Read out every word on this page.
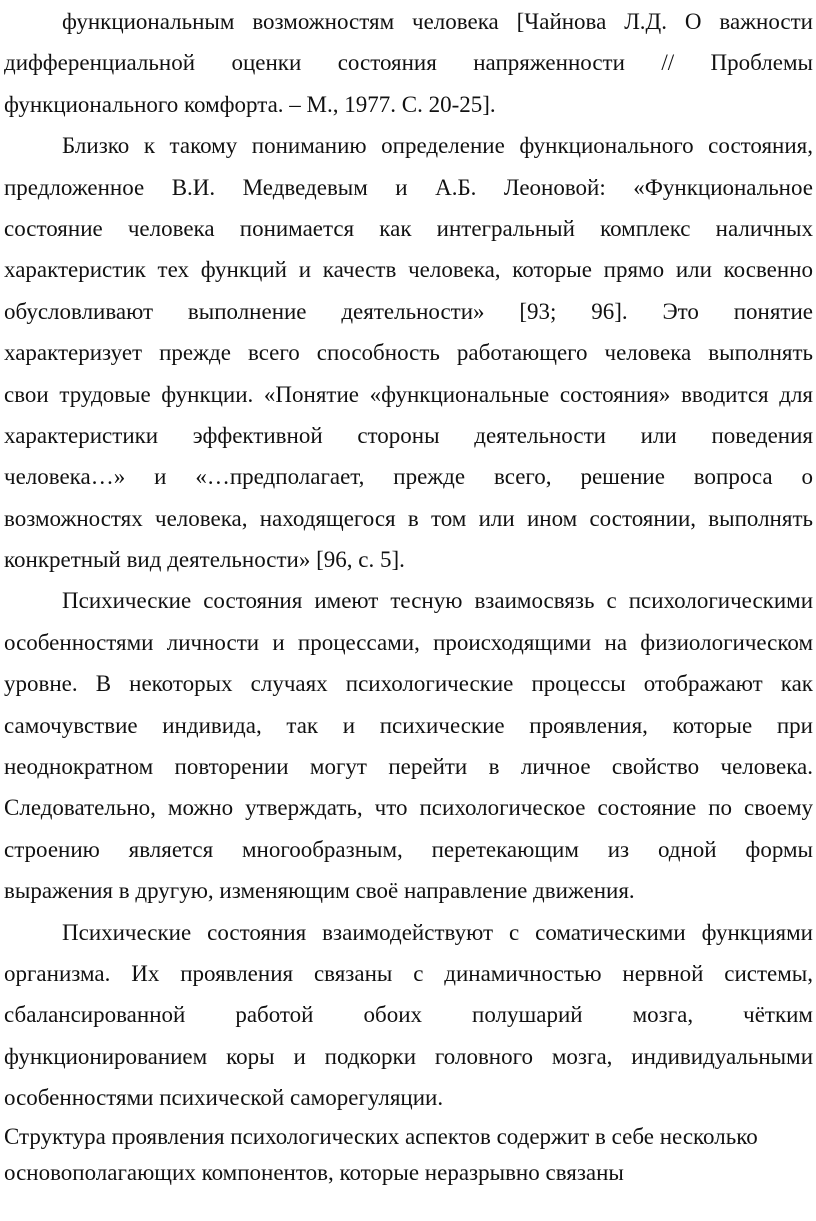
функциональным возможностям человека [Чайнова Л.Д. О важности
дифференциальной оценки состояния напряженности // Проблемы
функционального комфорта. – М., 1977. С. 20-25].
Близко к такому пониманию определение функционального состояния,
предложенное В.И. Медведевым и А.Б. Леоновой: «Функциональное
состояние человека понимается как интегральный комплекс наличных
характеристик тех функций и качеств человека, которые прямо или косвенно
обусловливают выполнение деятельности» [93; 96]. Это понятие
характеризует прежде всего способность работающего человека выполнять
свои трудовые функции. «Понятие «функциональные состояния» вводится для
характеристики эффективной стороны деятельности или поведения
человека…» и «…предполагает, прежде всего, решение вопроса о
возможностях человека, находящегося в том или ином состоянии, выполнять
конкретный вид деятельности» [96, с. 5].
Психические состояния имеют тесную взаимосвязь с психологическими
особенностями личности и процессами, происходящими на физиологическом
уровне. В некоторых случаях психологические процессы отображают как
самочувствие индивида, так и психические проявления, которые при
неоднократном повторении могут перейти в личное свойство человека.
Следовательно, можно утверждать, что психологическое состояние по своему
строению является многообразным, перетекающим из одной формы
выражения в другую, изменяющим своё направление движения.
Психические состояния взаимодействуют с соматическими функциями
организма. Их проявления связаны с динамичностью нервной системы,
сбалансированной работой обоих полушарий мозга, чётким
функционированием коры и подкорки головного мозга, индивидуальными
особенностями психической саморегуляции.
Структура проявления психологических аспектов содержит в себе несколько
основополагающих компонентов, которые неразрывно связаны
